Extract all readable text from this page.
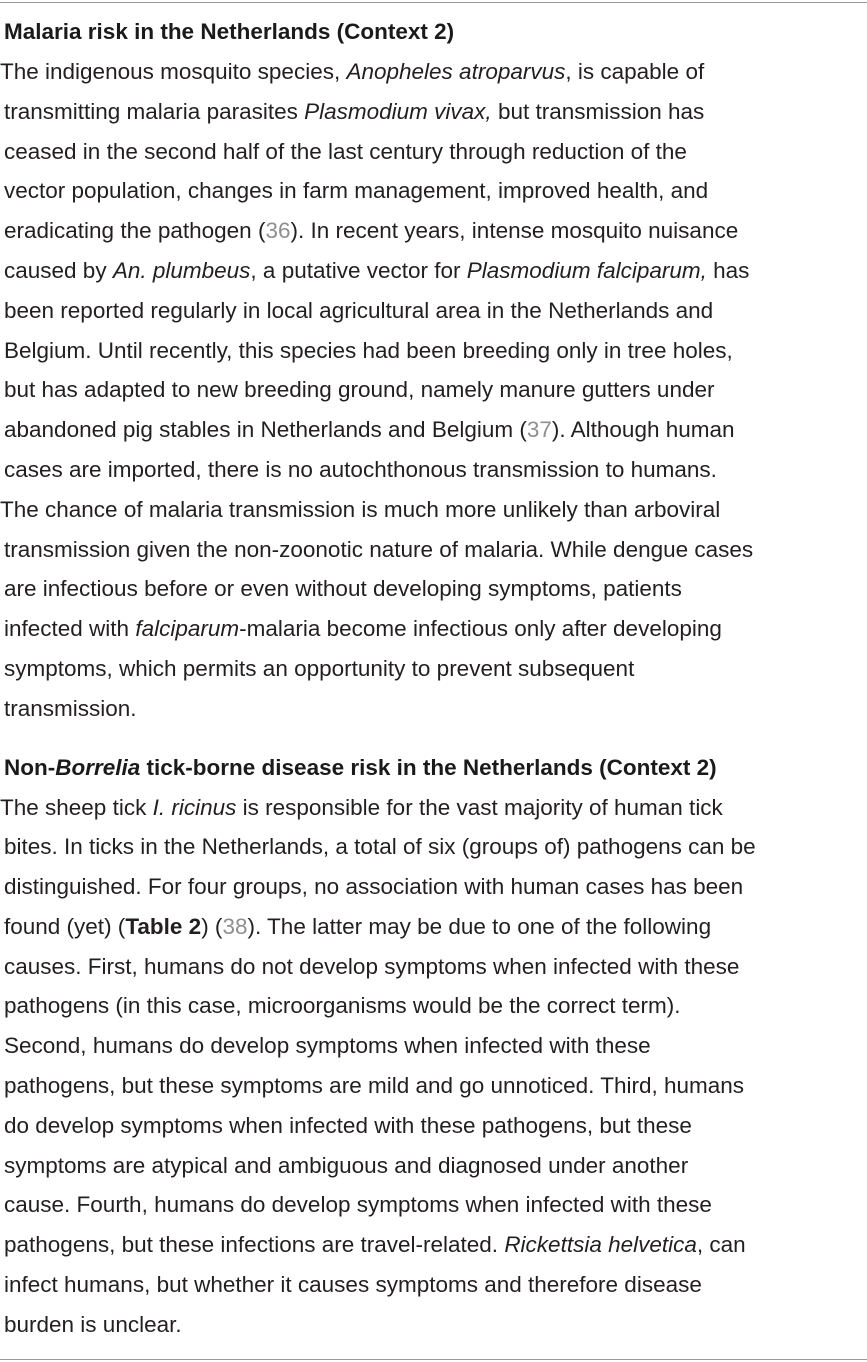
Malaria risk in the Netherlands (Context 2)
The indigenous mosquito species, Anopheles atroparvus, is capable of
transmitting malaria parasites Plasmodium vivax, but transmission has
ceased in the second half of the last century through reduction of the
vector population, changes in farm management, improved health, and
eradicating the pathogen (36). In recent years, intense mosquito nuisance
caused by An. plumbeus, a putative vector for Plasmodium falciparum, has
been reported regularly in local agricultural area in the Netherlands and
Belgium. Until recently, this species had been breeding only in tree holes,
but has adapted to new breeding ground, namely manure gutters under
abandoned pig stables in Netherlands and Belgium (37). Although human
cases are imported, there is no autochthonous transmission to humans.
The chance of malaria transmission is much more unlikely than arboviral
transmission given the non-zoonotic nature of malaria. While dengue cases
are infectious before or even without developing symptoms, patients
infected with falciparum-malaria become infectious only after developing
symptoms, which permits an opportunity to prevent subsequent
transmission.
Non-Borrelia tick-borne disease risk in the Netherlands (Context 2)
The sheep tick I. ricinus is responsible for the vast majority of human tick
bites. In ticks in the Netherlands, a total of six (groups of) pathogens can be
distinguished. For four groups, no association with human cases has been
found (yet) (Table 2) (38). The latter may be due to one of the following
causes. First, humans do not develop symptoms when infected with these
pathogens (in this case, microorganisms would be the correct term).
Second, humans do develop symptoms when infected with these
pathogens, but these symptoms are mild and go unnoticed. Third, humans
do develop symptoms when infected with these pathogens, but these
symptoms are atypical and ambiguous and diagnosed under another
cause. Fourth, humans do develop symptoms when infected with these
pathogens, but these infections are travel-related. Rickettsia helvetica, can
infect humans, but whether it causes symptoms and therefore disease
burden is unclear.
